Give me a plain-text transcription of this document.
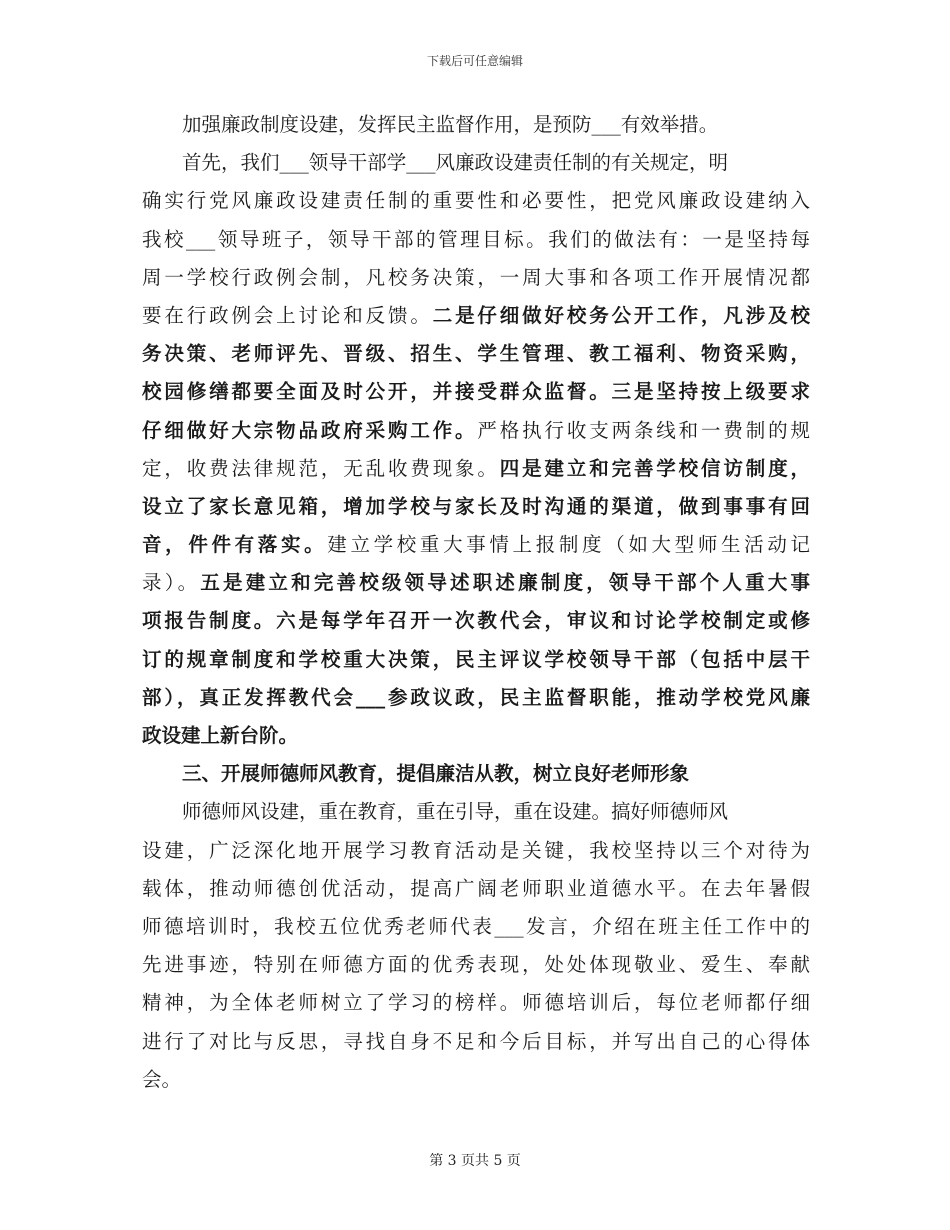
下载后可任意编辑
加强廉政制度设建，发挥民主监督作用，是预防___有效举措。
首先，我们___领导干部学___风廉政设建责任制的有关规定，明
确实行党风廉政设建责任制的重要性和必要性，把党风廉政设建纳入
我校___领导班子，领导干部的管理目标。我们的做法有：一是坚持每
周一学校行政例会制，凡校务决策，一周大事和各项工作开展情况都
要在行政例会上讨论和反馈。二是仔细做好校务公开工作，凡涉及校
务决策、老师评先、晋级、招生、学生管理、教工福利、物资采购，
校园修缮都要全面及时公开，并接受群众监督。三是坚持按上级要求
仔细做好大宗物品政府采购工作。严格执行收支两条线和一费制的规
定，收费法律规范，无乱收费现象。四是建立和完善学校信访制度，
设立了家长意见箱，增加学校与家长及时沟通的渠道，做到事事有回
音，件件有落实。建立学校重大事情上报制度（如大型师生活动记
录）。五是建立和完善校级领导述职述廉制度，领导干部个人重大事
项报告制度。六是每学年召开一次教代会，审议和讨论学校制定或修
订的规章制度和学校重大决策，民主评议学校领导干部（包括中层干
部），真正发挥教代会___参政议政，民主监督职能，推动学校党风廉
政设建上新台阶。
三、开展师德师风教育，提倡廉洁从教，树立良好老师形象
师德师风设建，重在教育，重在引导，重在设建。搞好师德师风
设建，广泛深化地开展学习教育活动是关键，我校坚持以三个对待为
载体，推动师德创优活动，提高广阔老师职业道德水平。在去年暑假
师德培训时，我校五位优秀老师代表___发言，介绍在班主任工作中的
先进事迹，特别在师德方面的优秀表现，处处体现敬业、爱生、奉献
精神，为全体老师树立了学习的榜样。师德培训后，每位老师都仔细
进行了对比与反思，寻找自身不足和今后目标，并写出自己的心得体
会。
第 3 页共 5 页
